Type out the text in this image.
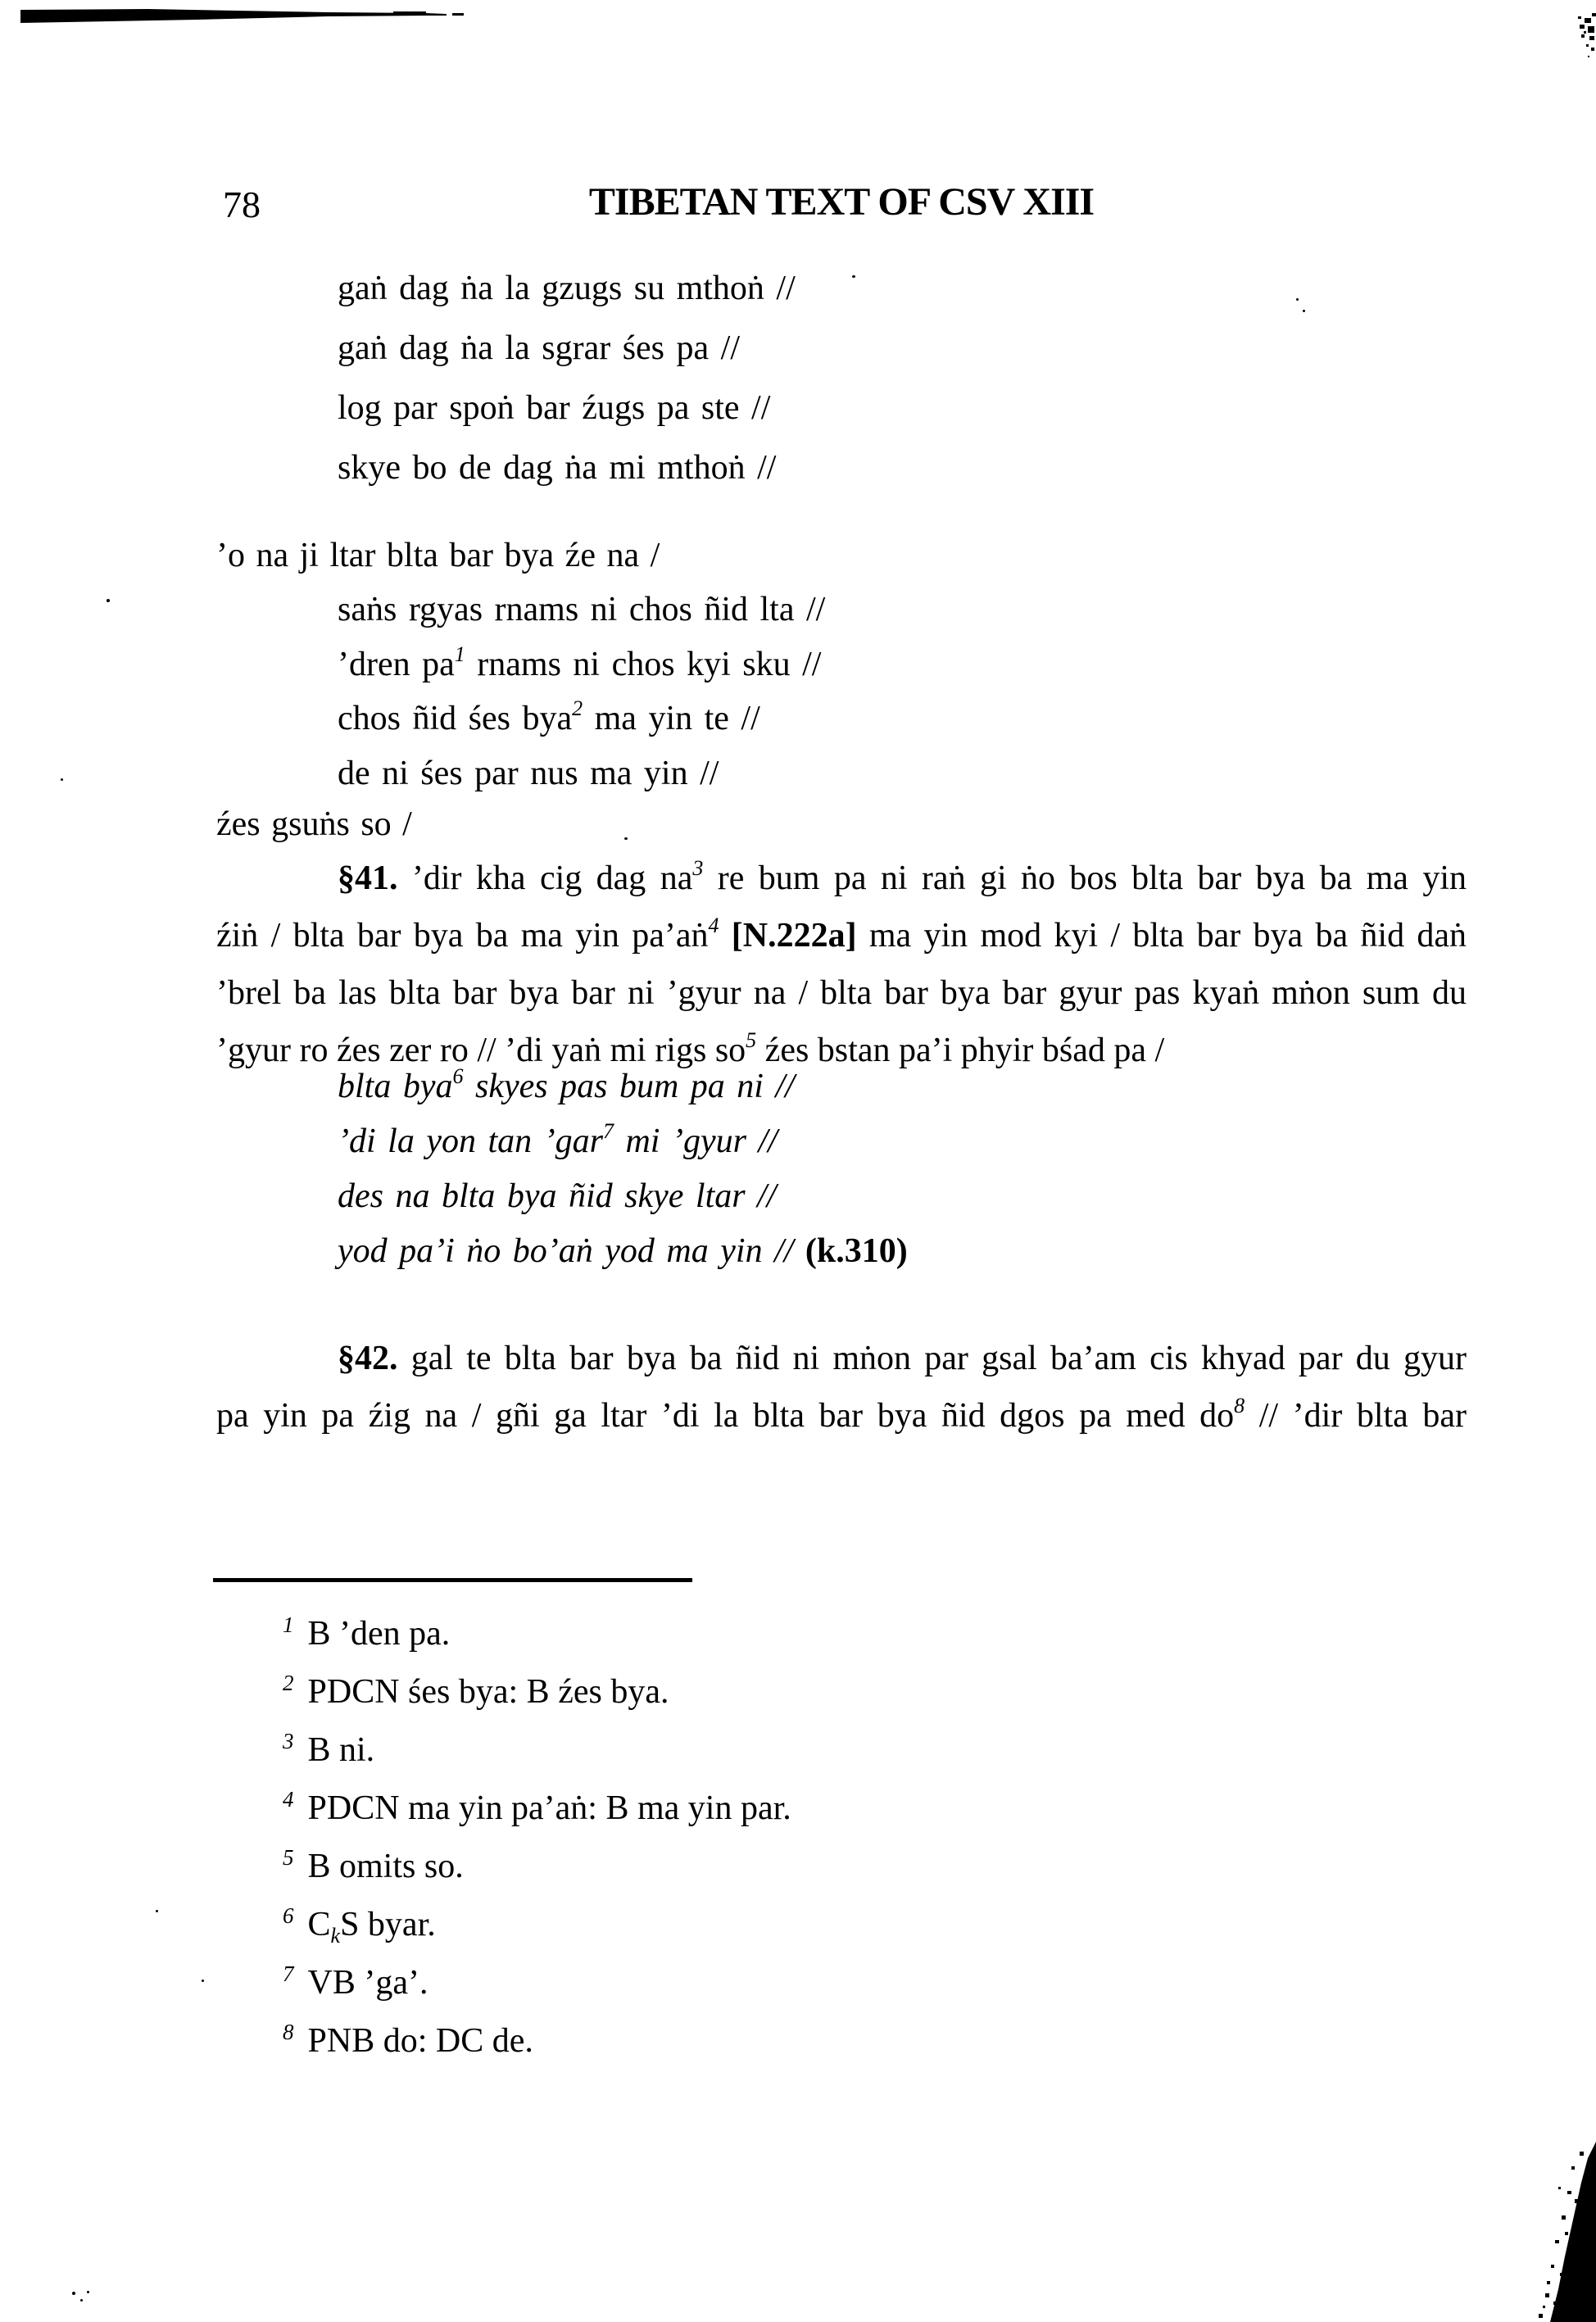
78	TIBETAN TEXT OF CSV XIII
gaṅ dag ṅa la gzugs su mthoṅ //
gaṅ dag ṅa la sgrar śes pa //
log par spoṅ bar źugs pa ste //
skye bo de dag ṅa mi mthoṅ //
’o na ji ltar blta bar bya źe na /
saṅs rgyas rnams ni chos ñid lta //
’dren $pa^1$ rnams ni chos kyi sku //
chos ñid śes bya$^2$ ma yin te //
de ni śes par nus ma yin //
źes gsuṅs so /
§41. ’dir kha cig dag $na^3$ re bum pa ni raṅ gi ṅo bos blta bar bya ba ma yin
źiṅ / blta bar bya ba ma yin pa’aṅ$^4$ [N.222a] ma yin mod kyi / blta bar bya ba ñid daṅ
’brel ba las blta bar bya bar ni ’gyur na / blta bar bya bar gyur pas kyaṅ mṅon sum du
’gyur ro źes zer ro // ’di yaṅ mi rigs $so^5$ źes bstan pa’i phyir bśad pa /
blta bya$^6$ skyes pas bum pa ni //
’di la yon tan ’gar$^7$ mi ’gyur //
des na blta bya ñid skye ltar //
yod pa’i ṅo bo’aṅ yod ma yin // (k.310)
§42. gal te blta bar bya ba ñid ni mṅon par gsal ba’am cis khyad par du gyur
pa yin pa źig na / gñi ga ltar ’di la blta bar bya ñid dgos pa med $do^8$ // ’dir blta bar
$^1$ B ’den pa.
$^2$ PDCN śes bya: B źes bya.
$^3$ B ni.
$^4$ PDCN ma yin pa’aṅ: B ma yin par.
$^5$ B omits so.
$^6$ $C_kS$ byar.
$^7$ VB ’ga’.
$^8$ PNB do: DC de.
